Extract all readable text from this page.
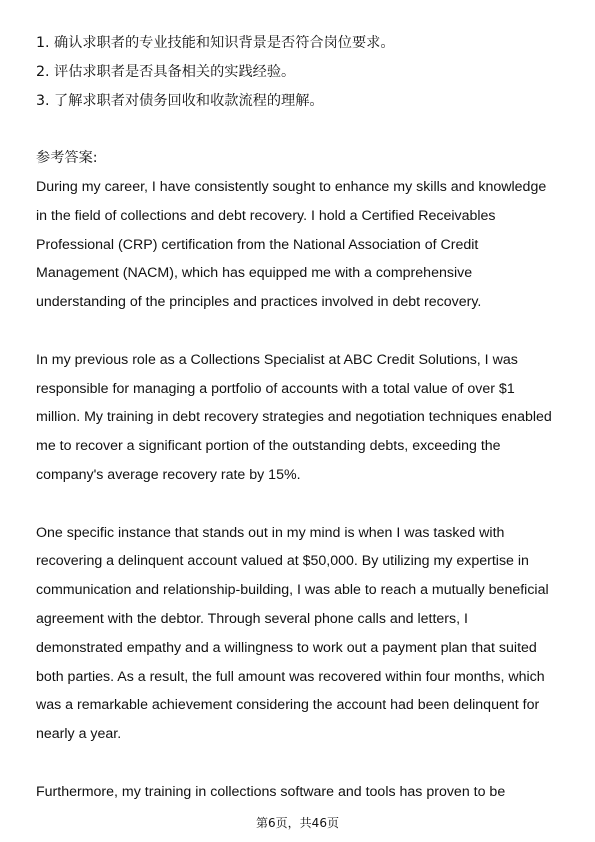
1. 确认求职者的专业技能和知识背景是否符合岗位要求。
2. 评估求职者是否具备相关的实践经验。
3. 了解求职者对债务回收和收款流程的理解。
参考答案:
During my career, I have consistently sought to enhance my skills and knowledge
in the field of collections and debt recovery. I hold a Certified Receivables
Professional (CRP) certification from the National Association of Credit
Management (NACM), which has equipped me with a comprehensive
understanding of the principles and practices involved in debt recovery.
In my previous role as a Collections Specialist at ABC Credit Solutions, I was
responsible for managing a portfolio of accounts with a total value of over $1
million. My training in debt recovery strategies and negotiation techniques enabled
me to recover a significant portion of the outstanding debts, exceeding the
company's average recovery rate by 15%.
One specific instance that stands out in my mind is when I was tasked with
recovering a delinquent account valued at $50,000. By utilizing my expertise in
communication and relationship-building, I was able to reach a mutually beneficial
agreement with the debtor. Through several phone calls and letters, I
demonstrated empathy and a willingness to work out a payment plan that suited
both parties. As a result, the full amount was recovered within four months, which
was a remarkable achievement considering the account had been delinquent for
nearly a year.
Furthermore, my training in collections software and tools has proven to be
第6页，共46页
